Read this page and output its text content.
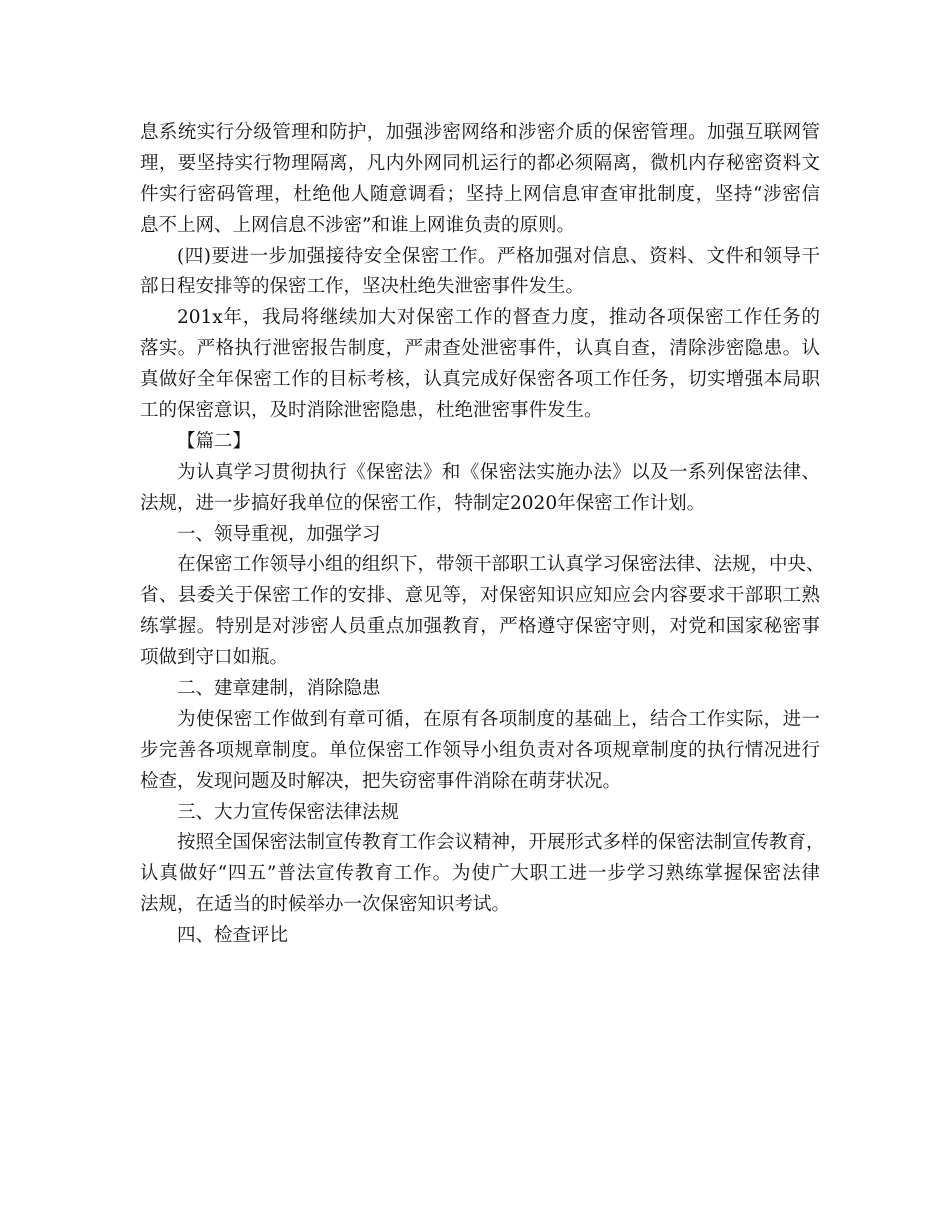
息系统实行分级管理和防护，加强涉密网络和涉密介质的保密管理。加强互联网管
理，要坚持实行物理隔离，凡内外网同机运行的都必须隔离，微机内存秘密资料文
件实行密码管理，杜绝他人随意调看；坚持上网信息审查审批制度，坚持“涉密信
息不上网、上网信息不涉密”和谁上网谁负责的原则。
(四)要进一步加强接待安全保密工作。严格加强对信息、资料、文件和领导干
部日程安排等的保密工作，坚决杜绝失泄密事件发生。
201x年，我局将继续加大对保密工作的督查力度，推动各项保密工作任务的
落实。严格执行泄密报告制度，严肃查处泄密事件，认真自查，清除涉密隐患。认
真做好全年保密工作的目标考核，认真完成好保密各项工作任务，切实增强本局职
工的保密意识，及时消除泄密隐患，杜绝泄密事件发生。
【篇二】
为认真学习贯彻执行《保密法》和《保密法实施办法》以及一系列保密法律、
法规，进一步搞好我单位的保密工作，特制定2020年保密工作计划。
一、领导重视，加强学习
在保密工作领导小组的组织下，带领干部职工认真学习保密法律、法规，中央、
省、县委关于保密工作的安排、意见等，对保密知识应知应会内容要求干部职工熟
练掌握。特别是对涉密人员重点加强教育，严格遵守保密守则，对党和国家秘密事
项做到守口如瓶。
二、建章建制，消除隐患
为使保密工作做到有章可循，在原有各项制度的基础上，结合工作实际，进一
步完善各项规章制度。单位保密工作领导小组负责对各项规章制度的执行情况进行
检查，发现问题及时解决，把失窃密事件消除在萌芽状况。
三、大力宣传保密法律法规
按照全国保密法制宣传教育工作会议精神，开展形式多样的保密法制宣传教育，
认真做好“四五”普法宣传教育工作。为使广大职工进一步学习熟练掌握保密法律
法规，在适当的时候举办一次保密知识考试。
四、检查评比
